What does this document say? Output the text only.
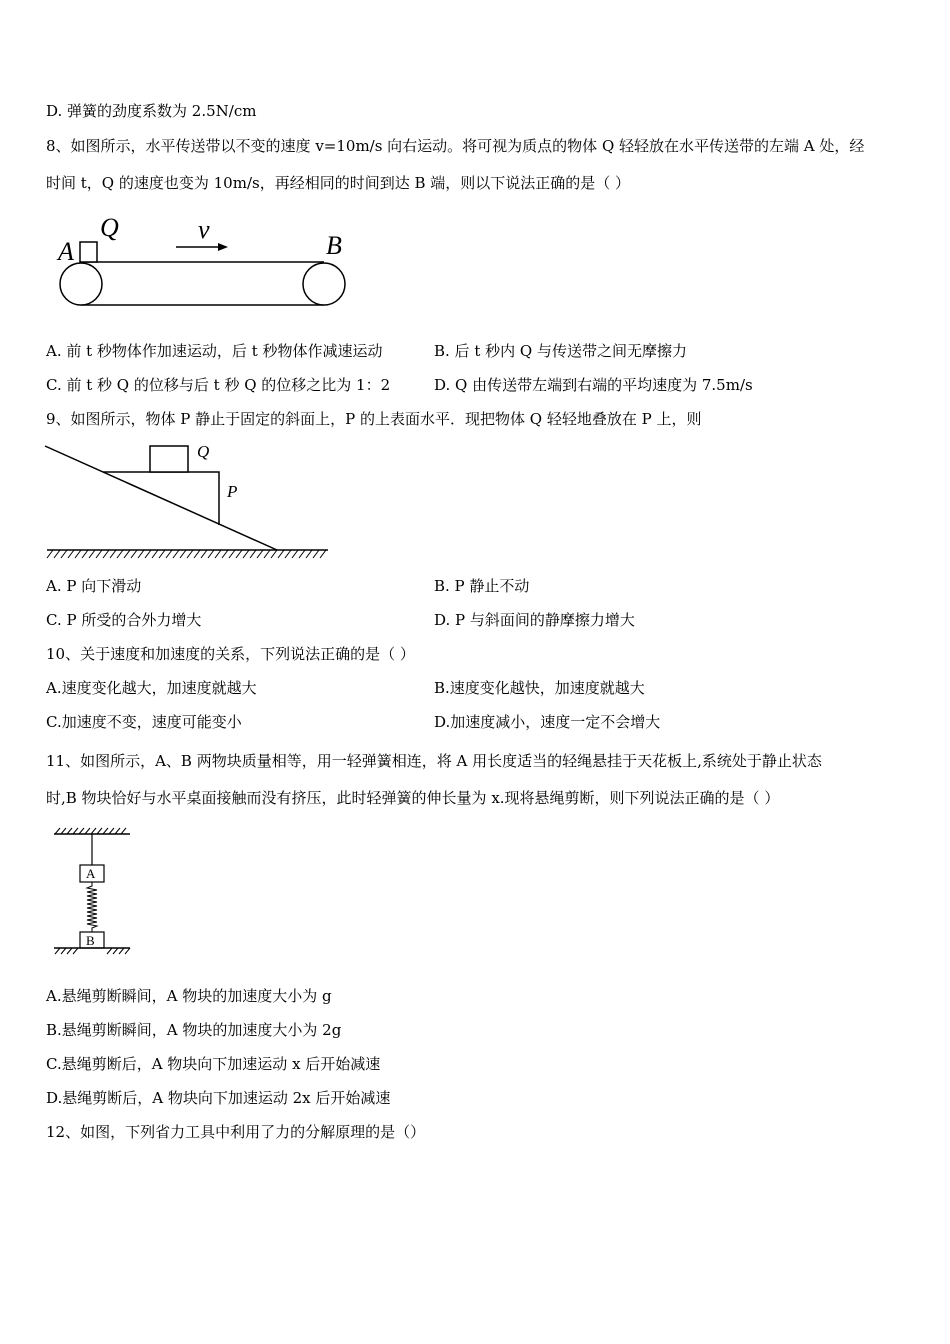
D. 弹簧的劲度系数为 2.5N/cm
8、如图所示，水平传送带以不变的速度 v=10m/s 向右运动。将可视为质点的物体 Q 轻轻放在水平传送带的左端 A 处，经
时间 t，Q 的速度也变为 10m/s，再经相同的时间到达 B 端，则以下说法正确的是（ ）
A
Q	v
B
A. 前 t 秒物体作加速运动，后 t 秒物体作减速运动	B. 后 t 秒内 Q 与传送带之间无摩擦力
C. 前 t 秒 Q 的位移与后 t 秒 Q 的位移之比为 1：2	D. Q 由传送带左端到右端的平均速度为 7.5m/s
9、如图所示，物体 P 静止于固定的斜面上，P 的上表面水平．现把物体 Q 轻轻地叠放在 P 上，则
Q
P
A. P 向下滑动	B. P 静止不动
C. P 所受的合外力增大	D. P 与斜面间的静摩擦力增大
10、关于速度和加速度的关系，下列说法正确的是（ ）
A.速度变化越大，加速度就越大	B.速度变化越快，加速度就越大
C.加速度不变，速度可能变小	D.加速度减小，速度一定不会增大
11、如图所示，A、B 两物块质量相等，用一轻弹簧相连，将 A 用长度适当的轻绳悬挂于天花板上,系统处于静止状态
时,B 物块恰好与水平桌面接触而没有挤压，此时轻弹簧的伸长量为 x.现将悬绳剪断，则下列说法正确的是（ ）
A
B
A.悬绳剪断瞬间，A 物块的加速度大小为 g
B.悬绳剪断瞬间，A 物块的加速度大小为 2g
C.悬绳剪断后，A 物块向下加速运动 x 后开始减速
D.悬绳剪断后，A 物块向下加速运动 2x 后开始减速
12、如图，下列省力工具中利用了力的分解原理的是（）
